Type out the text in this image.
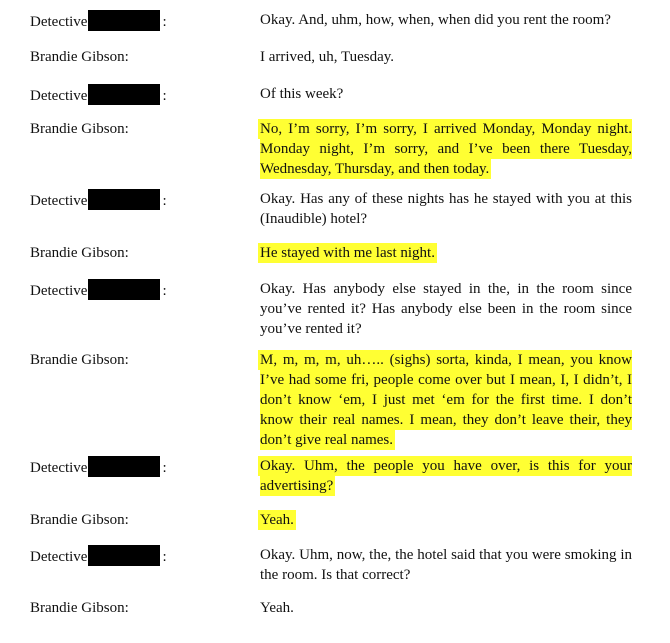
Detective	:	Okay. And, uhm, how, when, when did you rent the room?
Brandie Gibson:	I arrived, uh, Tuesday.
Detective	:	Of this week?
Brandie Gibson:	No, I’m sorry, I’m sorry, I arrived Monday, Monday night. Monday night, I’m sorry, and I’ve been there Tuesday, Wednesday, Thursday, and then today.
Detective	:	Okay. Has any of these nights has he stayed with you at this (Inaudible) hotel?
Brandie Gibson:	He stayed with me last night.
Detective	:	Okay. Has anybody else stayed in the, in the room since you’ve rented it? Has anybody else been in the room since you’ve rented it?
Brandie Gibson:	M, m, m, m, uh….. (sighs) sorta, kinda, I mean, you know I’ve had some fri, people come over but I mean, I, I didn’t, I don’t know ‘em, I just met ‘em for the first time. I don’t know their real names. I mean, they don’t leave their, they don’t give real names.
Detective	:	Okay. Uhm, the people you have over, is this for your advertising?
Brandie Gibson:	Yeah.
Detective	:	Okay. Uhm, now, the, the hotel said that you were smoking in the room. Is that correct?
Brandie Gibson:	Yeah.
